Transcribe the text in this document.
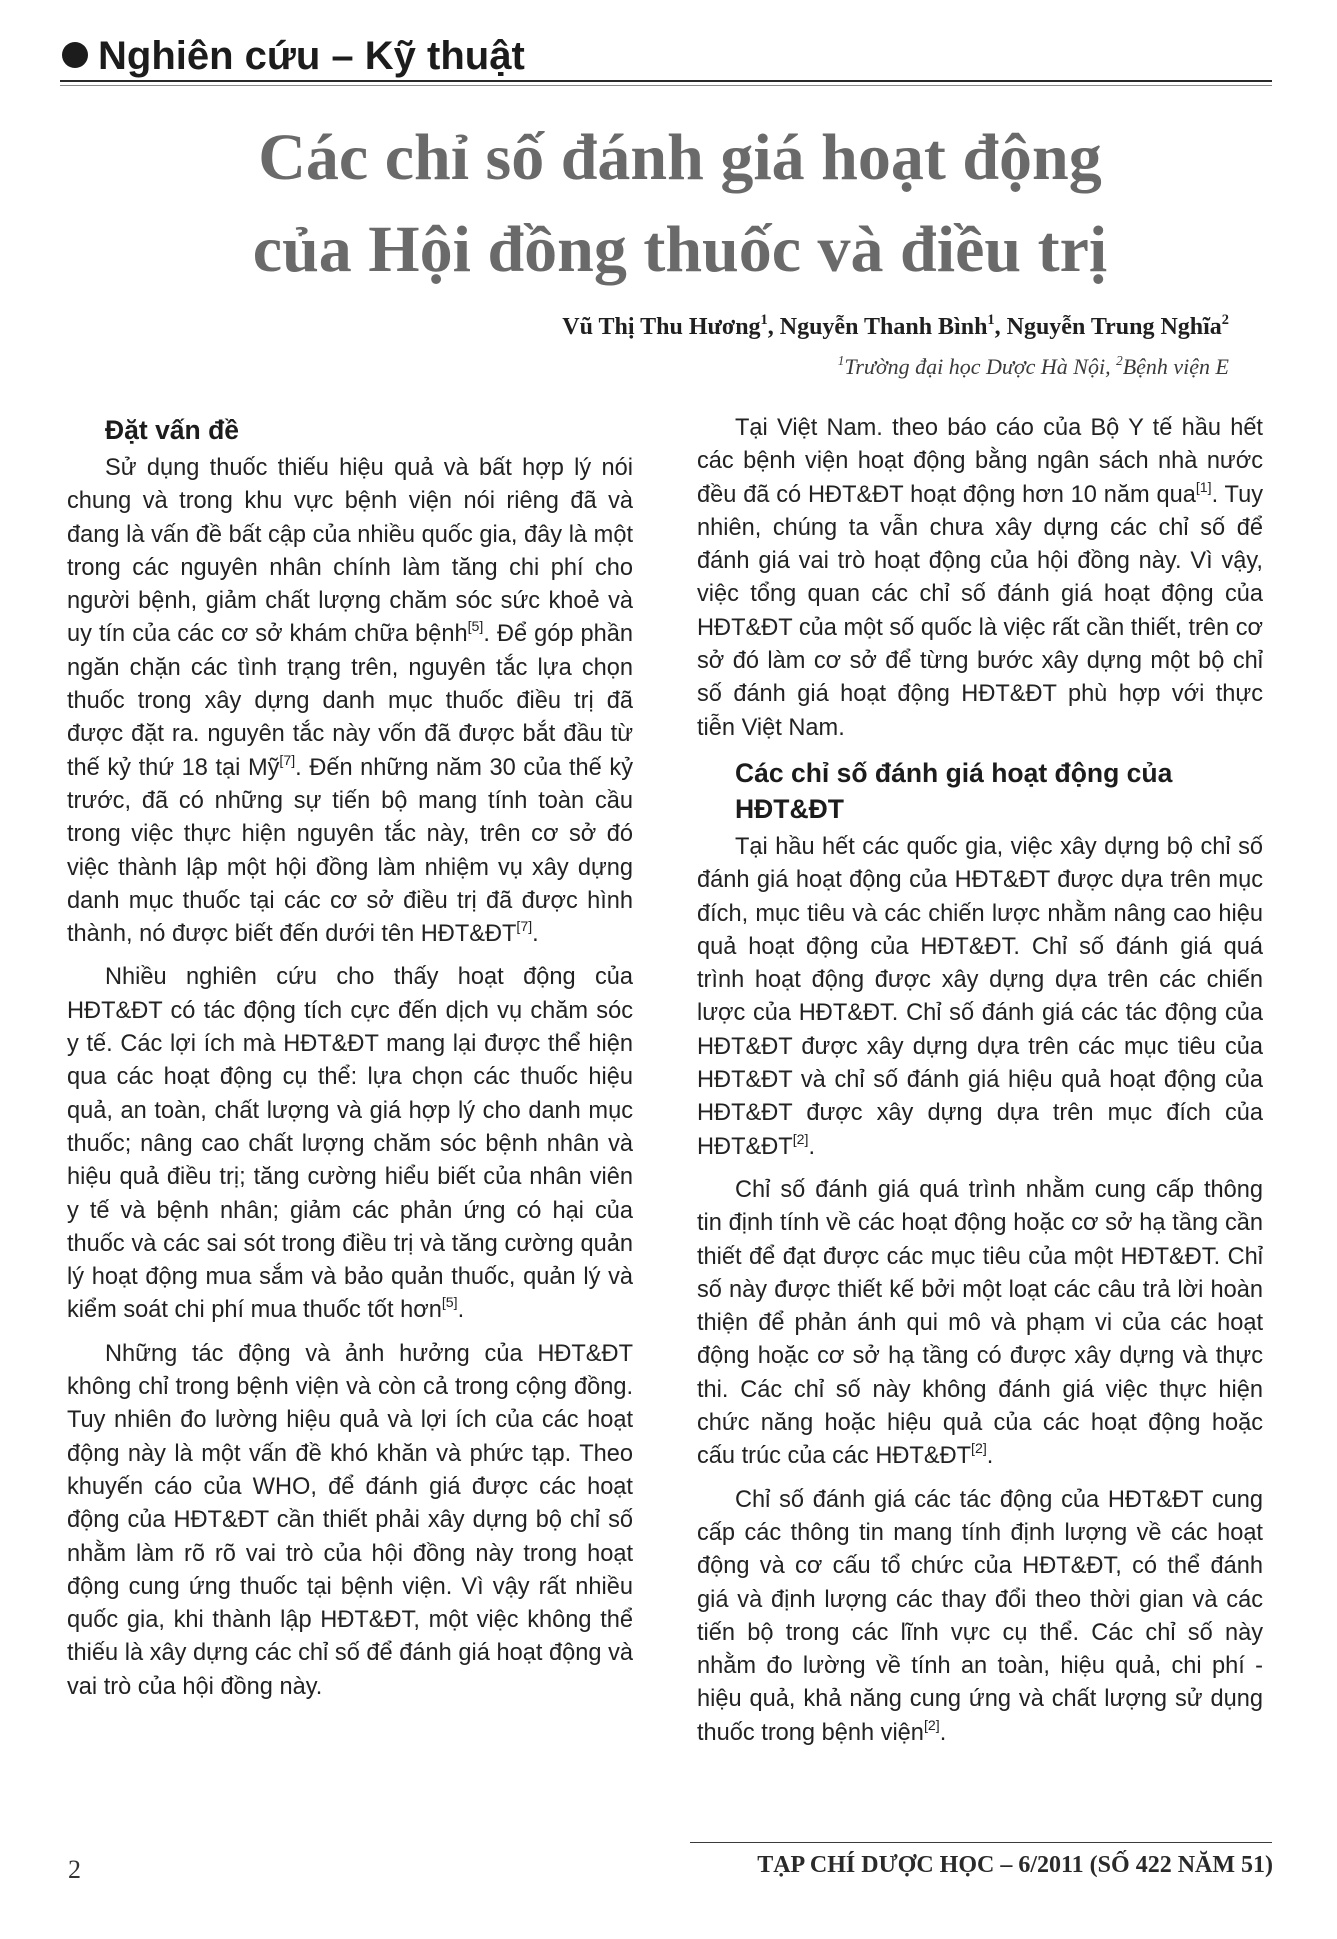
Nghiên cứu – Kỹ thuật
Các chỉ số đánh giá hoạt động
của Hội đồng thuốc và điều trị
Vũ Thị Thu Hương$^1$, Nguyễn Thanh Bình$^1$, Nguyễn Trung Nghĩa$^2$
$^1$Trường đại học Dược Hà Nội, $^2$Bệnh viện E
Đặt vấn đề

Sử dụng thuốc thiếu hiệu quả và bất hợp lý nói chung và trong khu vực bệnh viện nói riêng đã và đang là vấn đề bất cập của nhiều quốc gia, đây là một trong các nguyên nhân chính làm tăng chi phí cho người bệnh, giảm chất lượng chăm sóc sức khoẻ và uy tín của các cơ sở khám chữa bệnh[5]. Để góp phần ngăn chặn các tình trạng trên, nguyên tắc lựa chọn thuốc trong xây dựng danh mục thuốc điều trị đã được đặt ra. nguyên tắc này vốn đã được bắt đầu từ thế kỷ thứ 18 tại Mỹ[7]. Đến những năm 30 của thế kỷ trước, đã có những sự tiến bộ mang tính toàn cầu trong việc thực hiện nguyên tắc này, trên cơ sở đó việc thành lập một hội đồng làm nhiệm vụ xây dựng danh mục thuốc tại các cơ sở điều trị đã được hình thành, nó được biết đến dưới tên HĐT&ĐT[7].

Nhiều nghiên cứu cho thấy hoạt động của HĐT&ĐT có tác động tích cực đến dịch vụ chăm sóc y tế. Các lợi ích mà HĐT&ĐT mang lại được thể hiện qua các hoạt động cụ thể: lựa chọn các thuốc hiệu quả, an toàn, chất lượng và giá hợp lý cho danh mục thuốc; nâng cao chất lượng chăm sóc bệnh nhân và hiệu quả điều trị; tăng cường hiểu biết của nhân viên y tế và bệnh nhân; giảm các phản ứng có hại của thuốc và các sai sót trong điều trị và tăng cường quản lý hoạt động mua sắm và bảo quản thuốc, quản lý và kiểm soát chi phí mua thuốc tốt hơn[5].

Những tác động và ảnh hưởng của HĐT&ĐT không chỉ trong bệnh viện và còn cả trong cộng đồng. Tuy nhiên đo lường hiệu quả và lợi ích của các hoạt động này là một vấn đề khó khăn và phức tạp. Theo khuyến cáo của WHO, để đánh giá được các hoạt động của HĐT&ĐT cần thiết phải xây dựng bộ chỉ số nhằm làm rõ rõ vai trò của hội đồng này trong hoạt động cung ứng thuốc tại bệnh viện. Vì vậy rất nhiều quốc gia, khi thành lập HĐT&ĐT, một việc không thể thiếu là xây dựng các chỉ số để đánh giá hoạt động và vai trò của hội đồng này.

Tại Việt Nam. theo báo cáo của Bộ Y tế hầu hết các bệnh viện hoạt động bằng ngân sách nhà nước đều đã có HĐT&ĐT hoạt động hơn 10 năm qua[1]. Tuy nhiên, chúng ta vẫn chưa xây dựng các chỉ số để đánh giá vai trò hoạt động của hội đồng này. Vì vậy, việc tổng quan các chỉ số đánh giá hoạt động của HĐT&ĐT của một số quốc là việc rất cần thiết, trên cơ sở đó làm cơ sở để từng bước xây dựng một bộ chỉ số đánh giá hoạt động HĐT&ĐT phù hợp với thực tiễn Việt Nam.

Các chỉ số đánh giá hoạt động của HĐT&ĐT

Tại hầu hết các quốc gia, việc xây dựng bộ chỉ số đánh giá hoạt động của HĐT&ĐT được dựa trên mục đích, mục tiêu và các chiến lược nhằm nâng cao hiệu quả hoạt động của HĐT&ĐT. Chỉ số đánh giá quá trình hoạt động được xây dựng dựa trên các chiến lược của HĐT&ĐT. Chỉ số đánh giá các tác động của HĐT&ĐT được xây dựng dựa trên các mục tiêu của HĐT&ĐT và chỉ số đánh giá hiệu quả hoạt động của HĐT&ĐT được xây dựng dựa trên mục đích của HĐT&ĐT[2].

Chỉ số đánh giá quá trình nhằm cung cấp thông tin định tính về các hoạt động hoặc cơ sở hạ tầng cần thiết để đạt được các mục tiêu của một HĐT&ĐT. Chỉ số này được thiết kế bởi một loạt các câu trả lời hoàn thiện để phản ánh qui mô và phạm vi của các hoạt động hoặc cơ sở hạ tầng có được xây dựng và thực thi. Các chỉ số này không đánh giá việc thực hiện chức năng hoặc hiệu quả của các hoạt động hoặc cấu trúc của các HĐT&ĐT[2].

Chỉ số đánh giá các tác động của HĐT&ĐT cung cấp các thông tin mang tính định lượng về các hoạt động và cơ cấu tổ chức của HĐT&ĐT, có thể đánh giá và định lượng các thay đổi theo thời gian và các tiến bộ trong các lĩnh vực cụ thể. Các chỉ số này nhằm đo lường về tính an toàn, hiệu quả, chi phí - hiệu quả, khả năng cung ứng và chất lượng sử dụng thuốc trong bệnh viện[2].

2	TẠP CHÍ DƯỢC HỌC – 6/2011 (SỐ 422 NĂM 51)
